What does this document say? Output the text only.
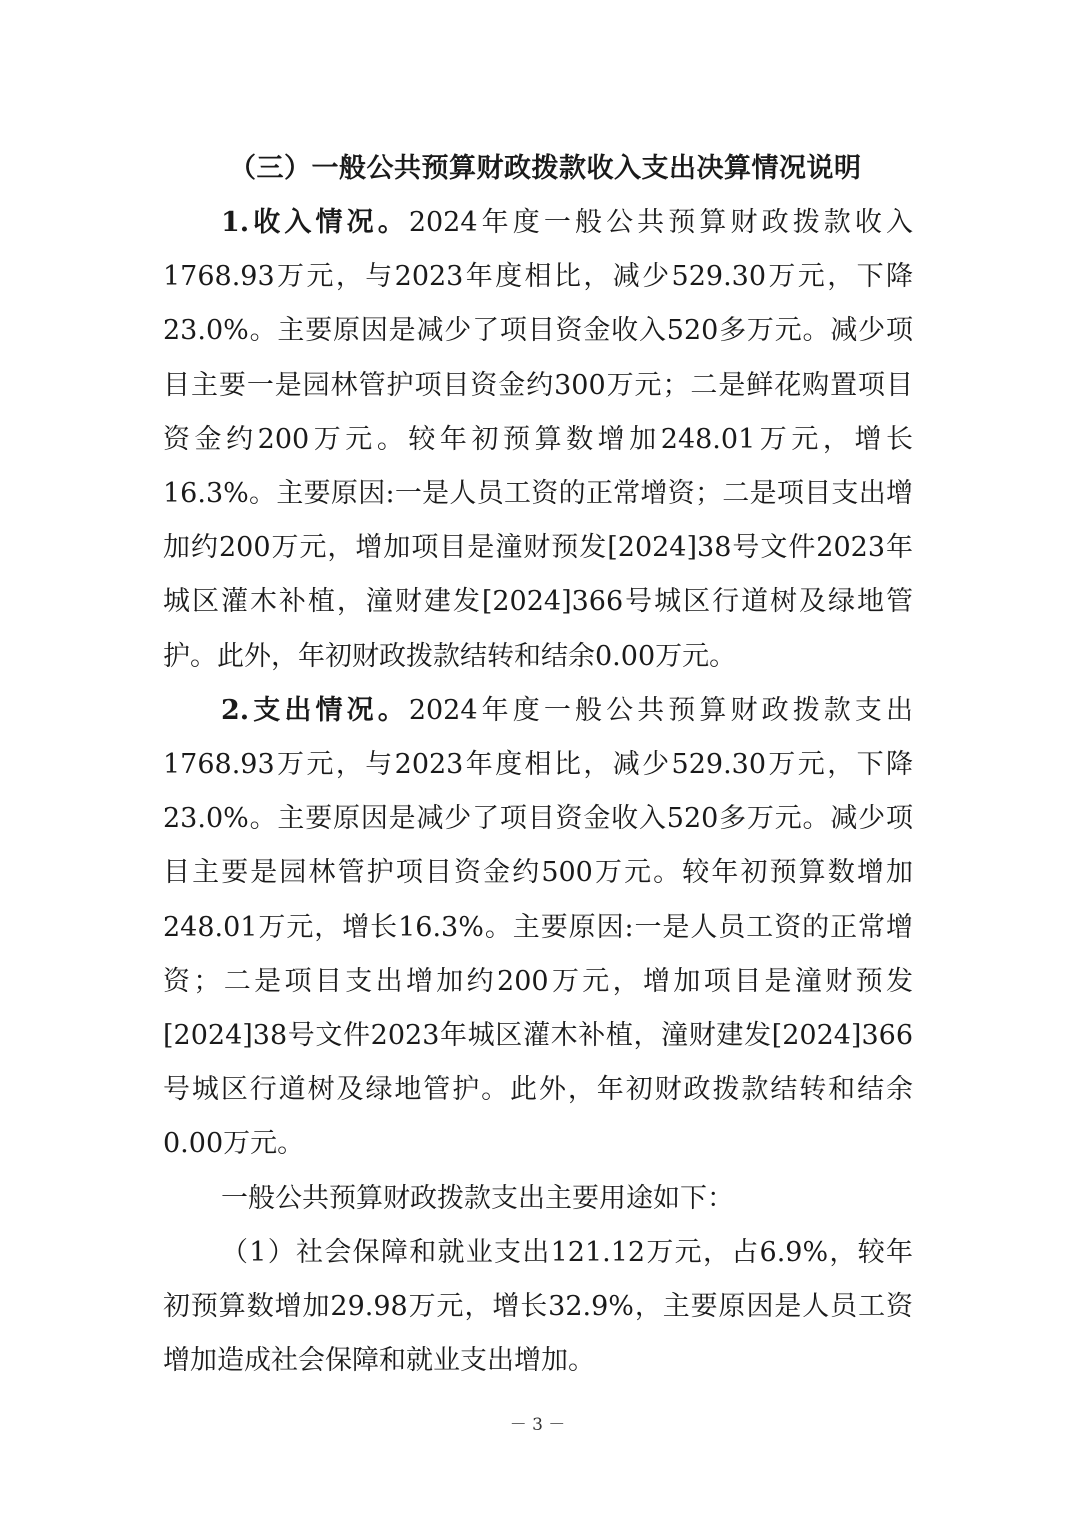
（三）一般公共预算财政拨款收入支出决算情况说明

1.收入情况。2024年度一般公共预算财政拨款收入1768.93万元，与2023年度相比，减少529.30万元，下降23.0%。主要原因是减少了项目资金收入520多万元。减少项目主要一是园林管护项目资金约300万元；二是鲜花购置项目资金约200万元。较年初预算数增加248.01万元，增长16.3%。主要原因:一是人员工资的正常增资；二是项目支出增加约200万元，增加项目是潼财预发[2024]38号文件2023年城区灌木补植，潼财建发[2024]366号城区行道树及绿地管护。此外，年初财政拨款结转和结余0.00万元。

2.支出情况。2024年度一般公共预算财政拨款支出1768.93万元，与2023年度相比，减少529.30万元，下降23.0%。主要原因是减少了项目资金收入520多万元。减少项目主要是园林管护项目资金约500万元。较年初预算数增加248.01万元，增长16.3%。主要原因:一是人员工资的正常增资；二是项目支出增加约200万元，增加项目是潼财预发[2024]38号文件2023年城区灌木补植，潼财建发[2024]366号城区行道树及绿地管护。此外，年初财政拨款结转和结余0.00万元。

一般公共预算财政拨款支出主要用途如下：

（1）社会保障和就业支出121.12万元，占6.9%，较年初预算数增加29.98万元，增长32.9%，主要原因是人员工资增加造成社会保障和就业支出增加。

－ 3 －
